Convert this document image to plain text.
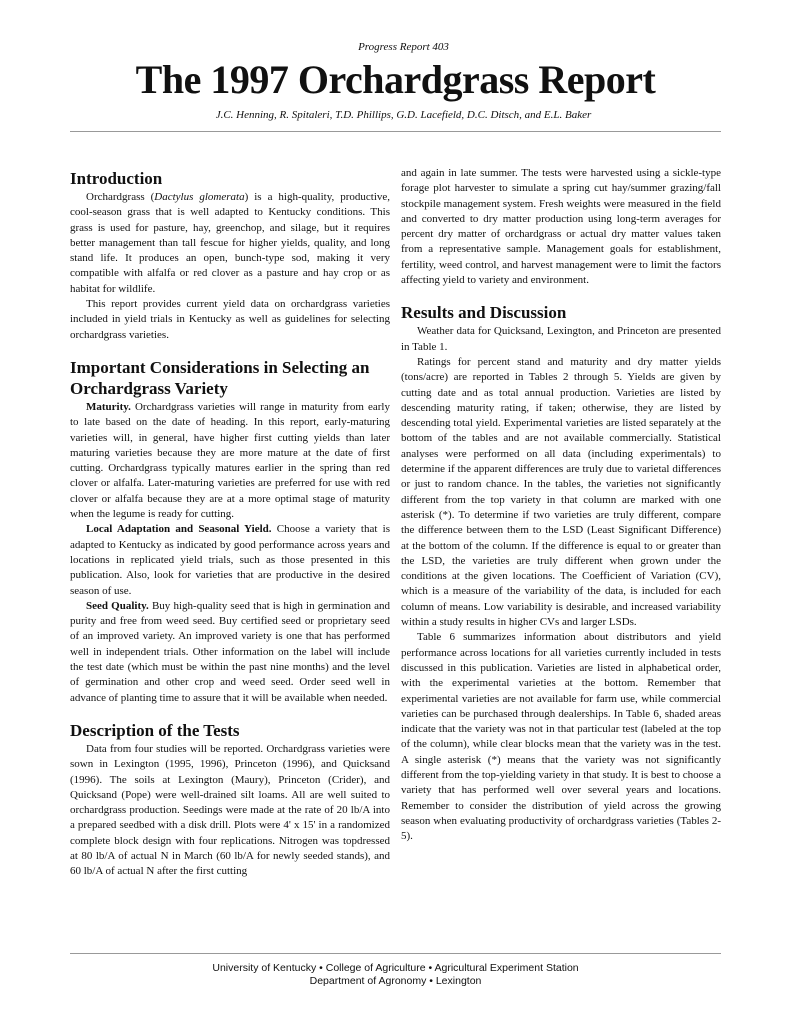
Progress Report 403

The 1997 Orchardgrass Report

J.C. Henning, R. Spitaleri, T.D. Phillips, G.D. Lacefield, D.C. Ditsch, and E.L. Baker

Introduction

Orchardgrass (Dactylus glomerata) is a high-quality, productive, cool-season grass that is well adapted to Kentucky conditions. This grass is used for pasture, hay, greenchop, and silage, but it requires better management than tall fescue for higher yields, quality, and long stand life. It produces an open, bunch-type sod, making it very compatible with alfalfa or red clover as a pasture and hay crop or as habitat for wildlife.

This report provides current yield data on orchardgrass varieties included in yield trials in Kentucky as well as guidelines for selecting orchardgrass varieties.

Important Considerations in Selecting an Orchardgrass Variety

Maturity. Orchardgrass varieties will range in maturity from early to late based on the date of heading. In this report, early-maturing varieties will, in general, have higher first cutting yields than later maturing varieties because they are more mature at the date of first cutting. Orchardgrass typically matures earlier in the spring than red clover or alfalfa. Later-maturing varieties are preferred for use with red clover or alfalfa because they are at a more optimal stage of maturity when the legume is ready for cutting.

Local Adaptation and Seasonal Yield. Choose a variety that is adapted to Kentucky as indicated by good performance across years and locations in replicated yield trials, such as those presented in this publication. Also, look for varieties that are productive in the desired season of use.

Seed Quality. Buy high-quality seed that is high in germination and purity and free from weed seed. Buy certified seed or proprietary seed of an improved variety. An improved variety is one that has performed well in independent trials. Other information on the label will include the test date (which must be within the past nine months) and the level of germination and other crop and weed seed. Order seed well in advance of planting time to assure that it will be available when needed.

Description of the Tests

Data from four studies will be reported. Orchardgrass varieties were sown in Lexington (1995, 1996), Princeton (1996), and Quicksand (1996). The soils at Lexington (Maury), Princeton (Crider), and Quicksand (Pope) were well-drained silt loams. All are well suited to orchardgrass production. Seedings were made at the rate of 20 lb/A into a prepared seedbed with a disk drill. Plots were 4' x 15' in a randomized complete block design with four replications. Nitrogen was topdressed at 80 lb/A of actual N in March (60 lb/A for newly seeded stands), and 60 lb/A of actual N after the first cutting

and again in late summer. The tests were harvested using a sickle-type forage plot harvester to simulate a spring cut hay/summer grazing/fall stockpile management system. Fresh weights were measured in the field and converted to dry matter production using long-term averages for percent dry matter of orchardgrass or actual dry matter values taken from a representative sample. Management goals for establishment, fertility, weed control, and harvest management were to limit the factors affecting yield to variety and environment.

Results and Discussion

Weather data for Quicksand, Lexington, and Princeton are presented in Table 1.

Ratings for percent stand and maturity and dry matter yields (tons/acre) are reported in Tables 2 through 5. Yields are given by cutting date and as total annual production. Varieties are listed by descending maturity rating, if taken; otherwise, they are listed by descending total yield. Experimental varieties are listed separately at the bottom of the tables and are not available commercially. Statistical analyses were performed on all data (including experimentals) to determine if the apparent differences are truly due to varietal differences or just to random chance. In the tables, the varieties not significantly different from the top variety in that column are marked with one asterisk (*). To determine if two varieties are truly different, compare the difference between them to the LSD (Least Significant Difference) at the bottom of the column. If the difference is equal to or greater than the LSD, the varieties are truly different when grown under the conditions at the given locations. The Coefficient of Variation (CV), which is a measure of the variability of the data, is included for each column of means. Low variability is desirable, and increased variability within a study results in higher CVs and larger LSDs.

Table 6 summarizes information about distributors and yield performance across locations for all varieties currently included in tests discussed in this publication. Varieties are listed in alphabetical order, with the experimental varieties at the bottom. Remember that experimental varieties are not available for farm use, while commercial varieties can be purchased through dealerships. In Table 6, shaded areas indicate that the variety was not in that particular test (labeled at the top of the column), while clear blocks mean that the variety was in the test. A single asterisk (*) means that the variety was not significantly different from the top-yielding variety in that study. It is best to choose a variety that has performed well over several years and locations. Remember to consider the distribution of yield across the growing season when evaluating productivity of orchardgrass varieties (Tables 2-5).

University of Kentucky • College of Agriculture • Agricultural Experiment Station
Department of Agronomy • Lexington
